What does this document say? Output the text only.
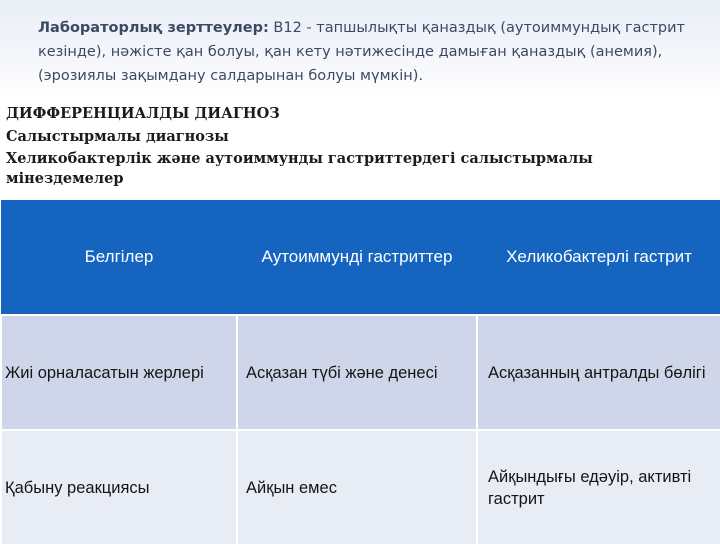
Лабораторлық зерттеулер: В12 - тапшылықты қаназдық (аутоиммундық гастрит кезінде), нәжісте қан болуы, қан кету нәтижесінде дамыған қаназдық (анемия), (эрозиялы зақымдану салдарынан болуы мүмкін).
ДИФФЕРЕНЦИАЛДЫ ДИАГНОЗ
Салыстырмалы диагнозы
Хеликобактерлік және аутоиммунды гастриттердегі салыстырмалы мінездемелер
Белгілер	Аутоиммунді гастриттер	Хеликобактерлі гастрит
Жиі орналасатын жерлері	Асқазан түбі және денесі	Асқазанның антралды бөлігі
Қабыну реакциясы	Айқын емес	Айқындығы едәуір, активті гастрит
